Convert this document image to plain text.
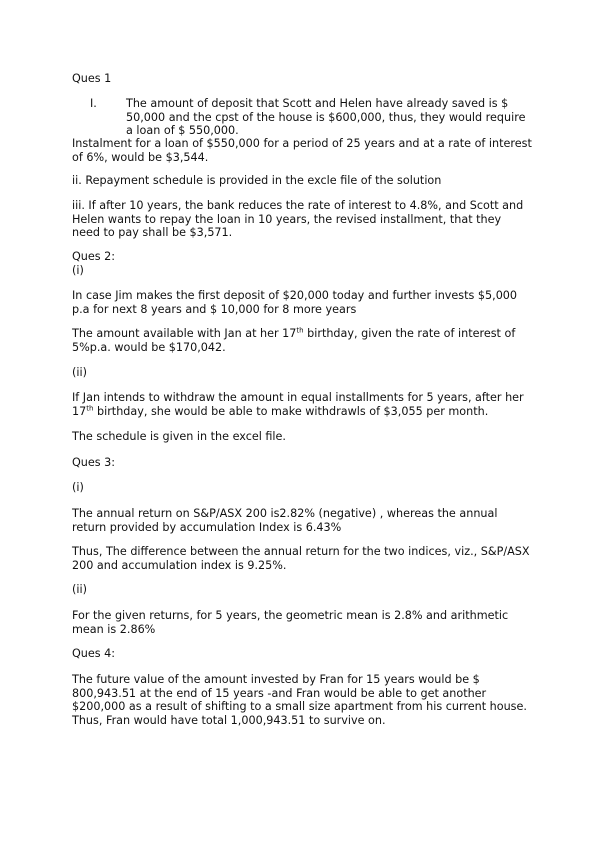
Ques 1

I.	The amount of deposit that Scott and Helen have already saved is $ 50,000 and the cpst of the house is $600,000, thus, they would require a loan of $ 550,000.

Instalment for a loan of $550,000 for a period of 25 years and at a rate of interest of 6%, would be $3,544.

ii. Repayment schedule is provided in the excle file of the solution

iii. If after 10 years, the bank reduces the rate of interest to 4.8%, and Scott and Helen wants to repay the loan in 10 years, the revised installment, that they need to pay shall be $3,571.

Ques 2:

(i)

In case Jim makes the first deposit of $20,000 today and further invests $5,000 p.a for next 8 years and $ 10,000 for 8 more years

The amount available with Jan at her 17th birthday, given the rate of interest of 5%p.a. would be $170,042.

(ii)

If Jan intends to withdraw the amount in equal installments for 5 years, after her 17th birthday, she would be able to make withdrawls of $3,055 per month.

The schedule is given in the excel file.

Ques 3:

(i)

The annual return on S&P/ASX 200 is2.82% (negative) , whereas the annual return provided by accumulation Index is 6.43%

Thus, The difference between the annual return for the two indices, viz., S&P/ASX 200 and accumulation index is 9.25%.

(ii)

For the given returns, for 5 years, the geometric mean is 2.8% and arithmetic mean is 2.86%

Ques 4:

The future value of the amount invested by Fran for 15 years would be $ 800,943.51 at the end of 15 years -and Fran would be able to get another $200,000 as a result of shifting to a small size apartment from his current house. Thus, Fran would have total 1,000,943.51 to survive on.
